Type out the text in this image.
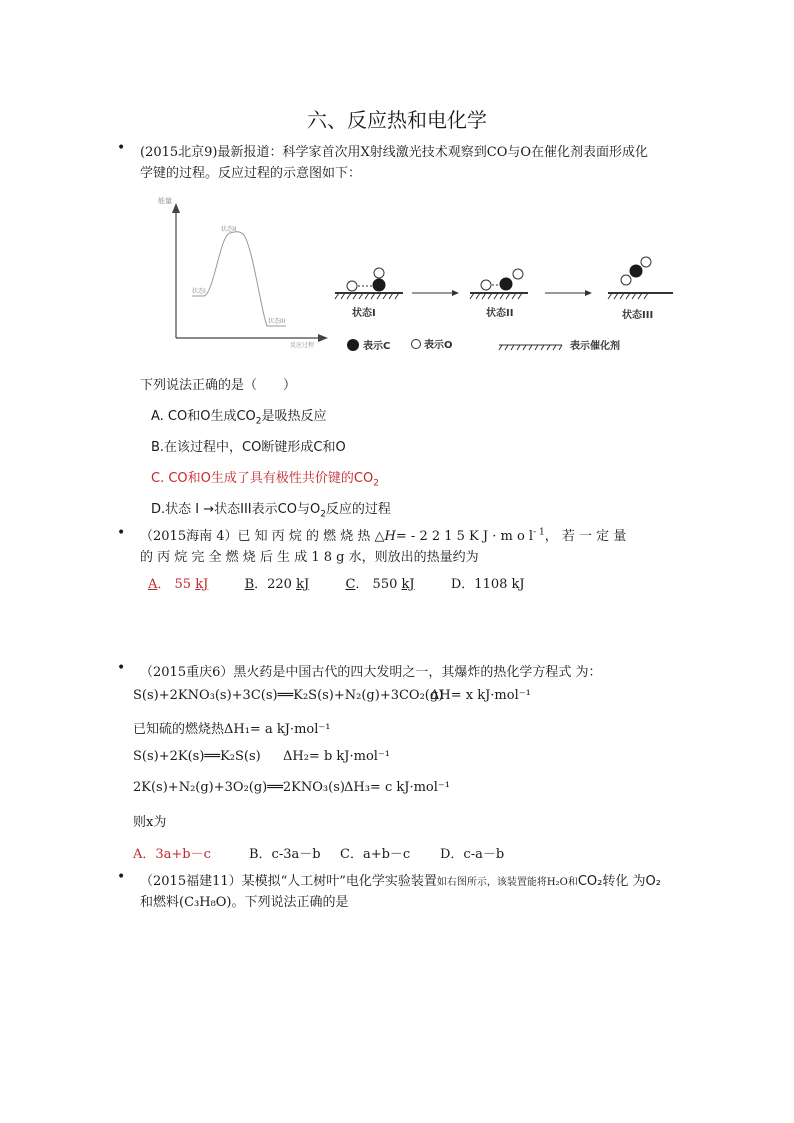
六、反应热和电化学
• (2015北京9)最新报道：科学家首次用X射线激光技术观察到CO与O在催化剂表面形成化
学键的过程。反应过程的示意图如下：
能量
反应过程
状态I
状态II
状态III
状态I	状态II	状态III
表示C	表示O	表示催化剂
下列说法正确的是（　　）
A. CO和O生成$CO_2$是吸热反应
B.在该过程中，CO断键形成C和O
C. CO和O生成了具有极性共价键的$CO_2$
D.状态 I →状态III表示CO与$O_2$反应的过程
• （2015海南 4）已 知 丙 烷 的 燃 烧 热 △H= - 2 2 1 5 K J · m o $l^{- 1}$， 若 一 定 量
的 丙 烷 完 全 燃 烧 后 生 成 1 8 g 水，则放出的热量约为
A． 55 kJ	B．220 kJ	C． 550 kJ	D．1108 kJ
• （2015重庆6）黑火药是中国古代的四大发明之一，其爆炸的热化学方程式 为：
S(s)+2KNO₃(s)+3C(s)══K₂S(s)+N₂(g)+3CO₂(g)
ΔH= x kJ·mol⁻¹
已知硫的燃烧热ΔH₁= a kJ·mol⁻¹
S(s)+2K(s)══K₂S(s) ΔH₂= b kJ·mol⁻¹
2K(s)+N₂(g)+3O₂(g)══2KNO₃(s) ΔH₃= c kJ·mol⁻¹
则x为
A．3a+b－c	B．c-3a－b C．a+b－c D．c-a－b
• （2015福建11）某模拟“人工树叶”电化学实验装置如右图所示，该装置能将H₂O和CO₂转化 为O₂
和燃料(C₃H₈O)。下列说法正确的是
